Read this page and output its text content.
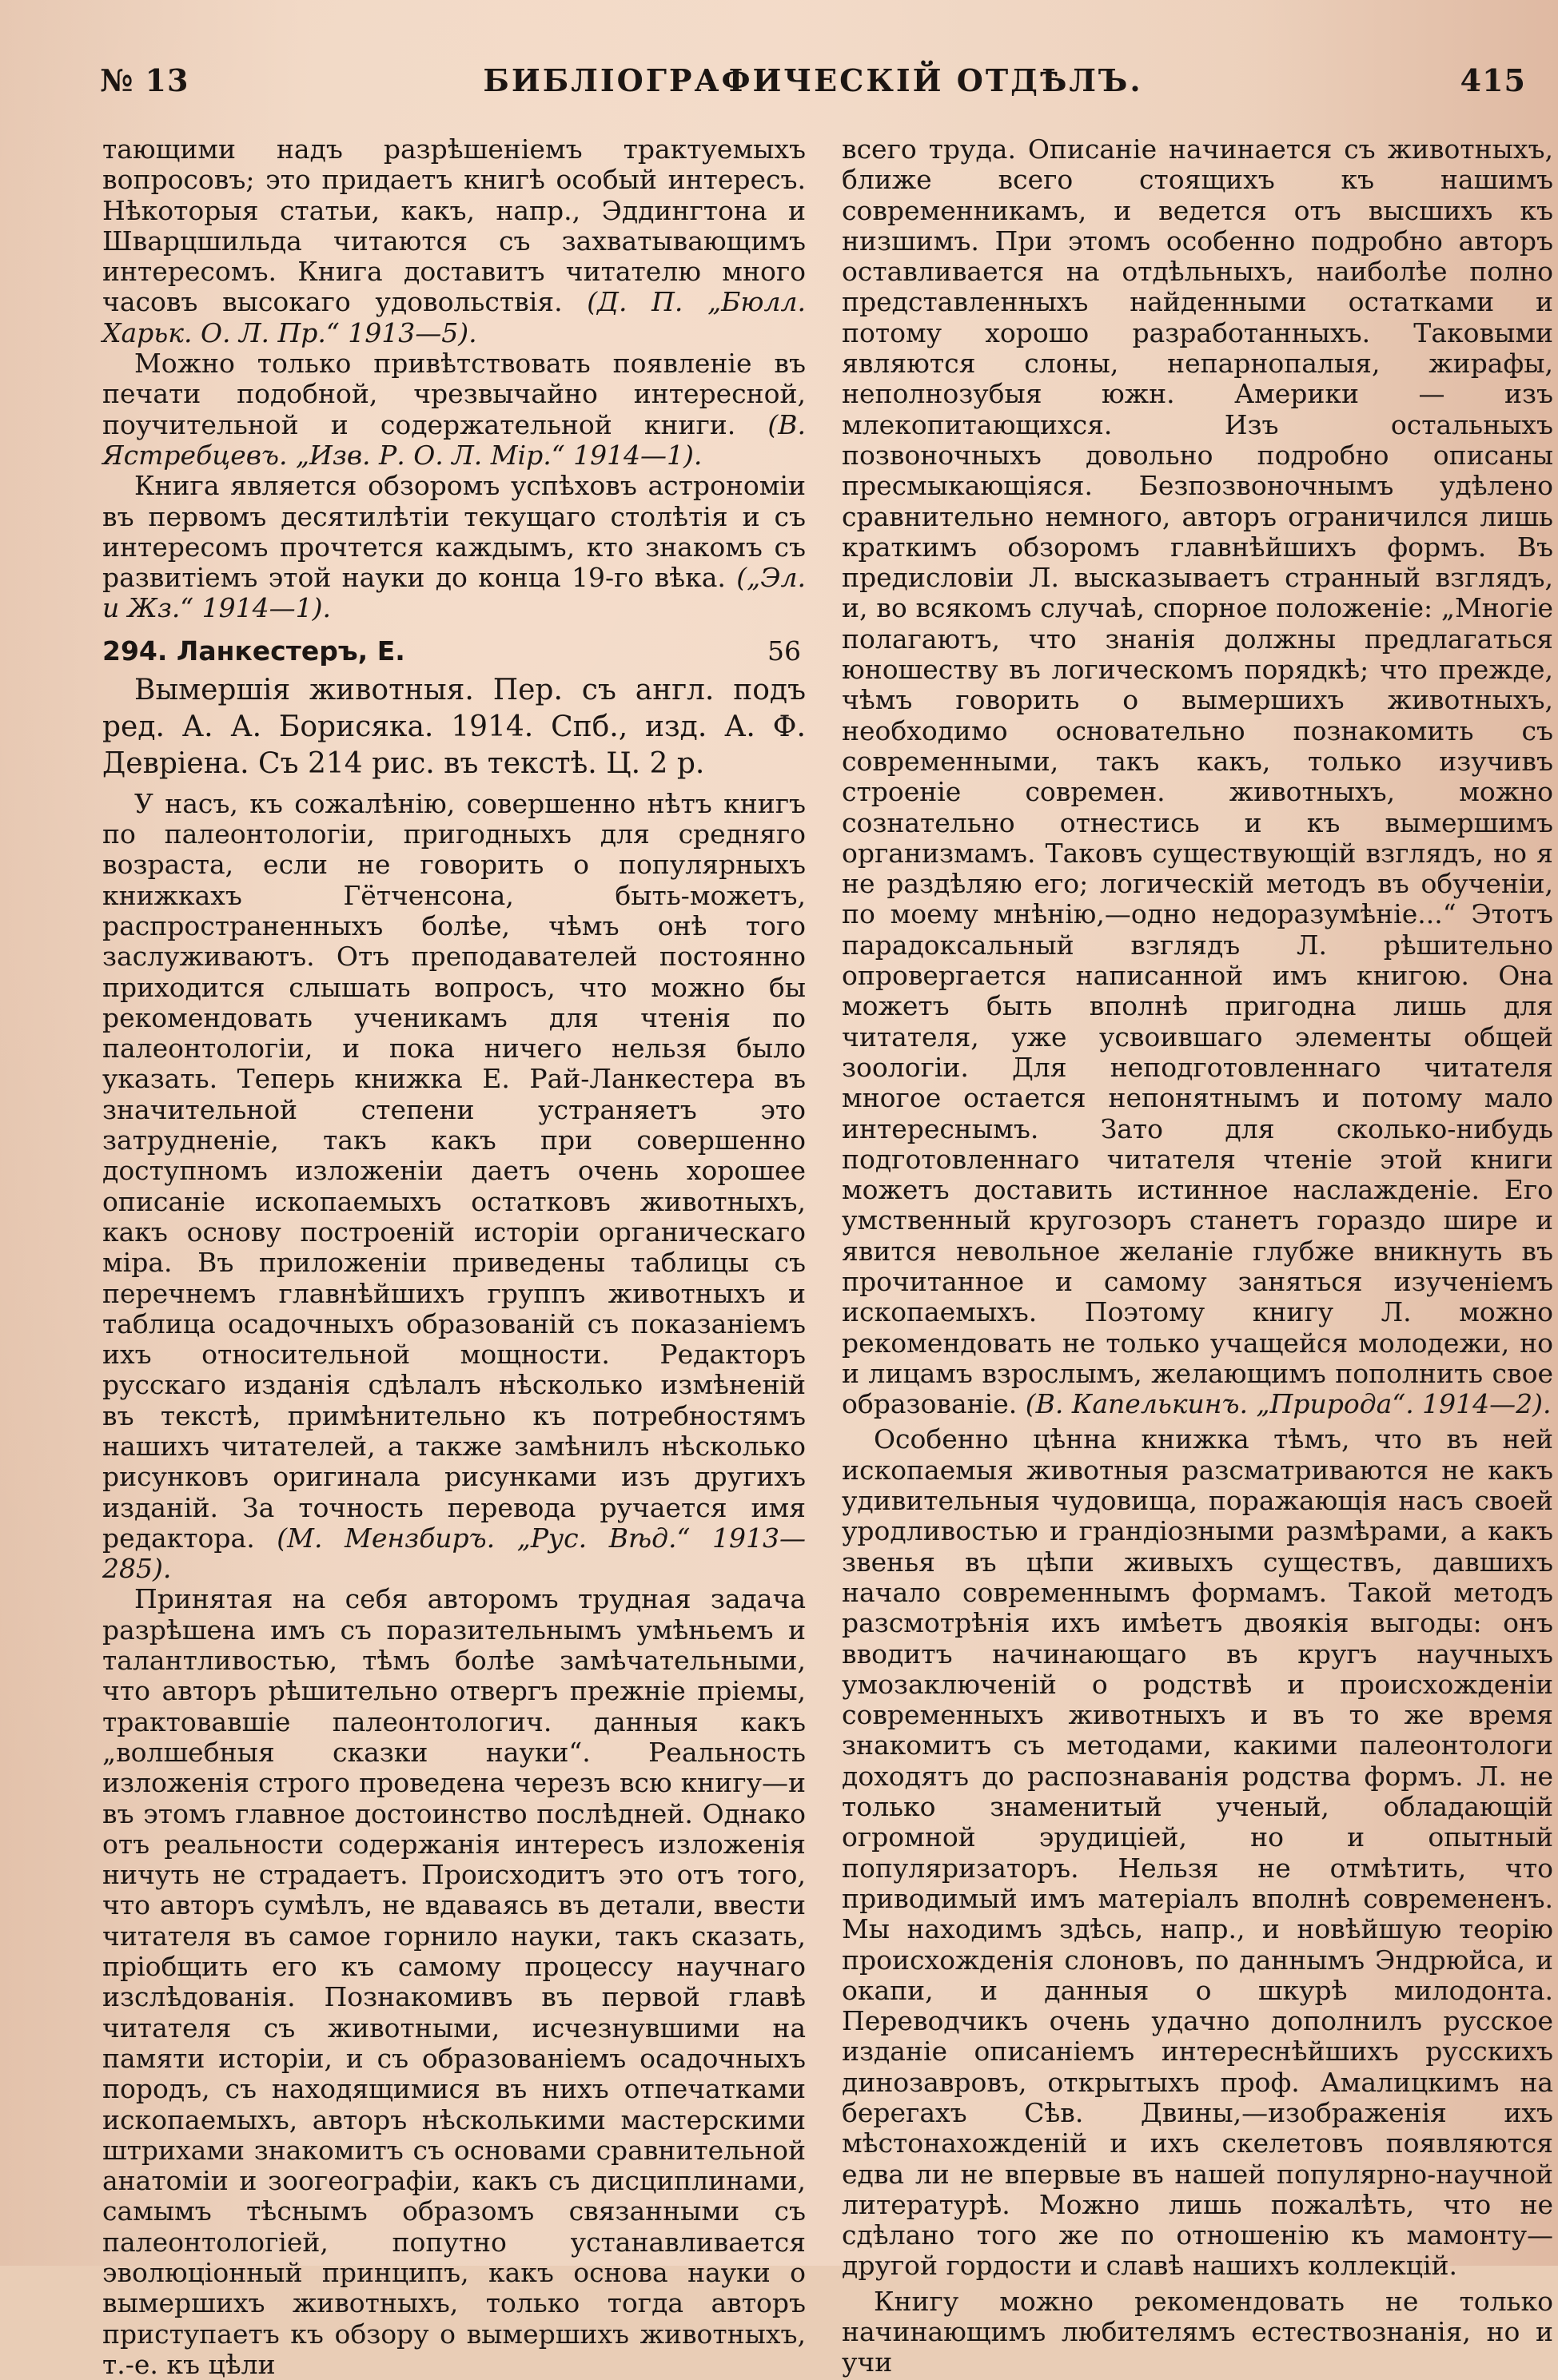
№ 13	БИБЛIОГРАФИЧЕСКIЙ ОТДѢЛЪ.	415

тающими надъ разрѣшенiемъ трактуемыхъ вопросовъ; это придаетъ книгѣ особый интересъ. Нѣкоторыя статьи, какъ, напр., Эддингтона и Шварцшильда читаются съ захватывающимъ интересомъ. Книга доставитъ читателю много часовъ высокаго удовольствiя. (Д. П. „Бюлл. Харьк. О. Л. Пр.“ 1913—5).

Можно только привѣтствовать появленiе въ печати подобной, чрезвычайно интересной, поучительной и содержательной книги. (В. Ястребцевъ. „Изв. Р. О. Л. Мiр.“ 1914—1).

Книга является обзоромъ успѣховъ астрономiи въ первомъ десятилѣтiи текущаго столѣтiя и съ интересомъ прочтется каждымъ, кто знакомъ съ развитiемъ этой науки до конца 19-го вѣка. („Эл. и Жз.“ 1914—1).

294. Ланкестеръ, Е.	56
Вымершiя животныя. Пер. съ англ. подъ ред. А. А. Борисяка. 1914. Спб., изд. А. Ф. Девріена. Съ 214 рис. въ текстѣ. Ц. 2 р.

У насъ, къ сожалѣнiю, совершенно нѣтъ книгъ по палеонтологiи, пригодныхъ для средняго возраста, если не говорить о популярныхъ книжкахъ Гётченсона, быть-можетъ, распространенныхъ болѣе, чѣмъ онѣ того заслуживаютъ. Отъ преподавателей постоянно приходится слышать вопросъ, что можно бы рекомендовать ученикамъ для чтенiя по палеонтологiи, и пока ничего нельзя было указать. Теперь книжка Е. Рай-Ланкестера въ значительной степени устраняетъ это затрудненiе, такъ какъ при совершенно доступномъ изложенiи даетъ очень хорошее описанiе ископаемыхъ остатковъ животныхъ, какъ основу построенiй исторiи органическаго мiра. Въ приложенiи приведены таблицы съ перечнемъ главнѣйшихъ группъ животныхъ и таблица осадочныхъ образованiй съ показанiемъ ихъ относительной мощности. Редакторъ русскаго изданiя сдѣлалъ нѣсколько измѣненiй въ текстѣ, примѣнительно къ потребностямъ нашихъ читателей, а также замѣнилъ нѣсколько рисунковъ оригинала рисунками изъ другихъ изданiй. За точность перевода ручается имя редактора. (М. Мензбиръ. „Рус. Вѣд.“ 1913—285).

Принятая на себя авторомъ трудная задача разрѣшена имъ съ поразительнымъ умѣньемъ и талантливостью, тѣмъ болѣе замѣчательными, что авторъ рѣшительно отвергъ прежнiе прiемы, трактовавшiе палеонтологич. данныя какъ „волшебныя сказки науки“. Реальность изложенiя строго проведена черезъ всю книгу—и въ этомъ главное достоинство послѣдней. Однако отъ реальности содержанiя интересъ изложенiя ничуть не страдаетъ. Происходитъ это отъ того, что авторъ сумѣлъ, не вдаваясь въ детали, ввести читателя въ самое горнило науки, такъ сказать, прiобщить его къ самому процессу научнаго изслѣдованiя. Познакомивъ въ первой главѣ читателя съ животными, исчезнувшими на памяти исторiи, и съ образованiемъ осадочныхъ породъ, съ находящимися въ нихъ отпечатками ископаемыхъ, авторъ нѣсколькими мастерскими штрихами знакомитъ съ основами сравнительной анатомiи и зоогеографiи, какъ съ дисциплинами, самымъ тѣснымъ образомъ связанными съ палеонтологiей, попутно устанавливается эволюцiонный принципъ, какъ основа науки о вымершихъ животныхъ, только тогда авторъ приступаетъ къ обзору о вымершихъ животныхъ, т.-е. къ цѣли

всего труда. Описанiе начинается съ животныхъ, ближе всего стоящихъ къ нашимъ современникамъ, и ведется отъ высшихъ къ низшимъ. При этомъ особенно подробно авторъ оставливается на отдѣльныхъ, наиболѣе полно представленныхъ найденными остатками и потому хорошо разработанныхъ. Таковыми являются слоны, непарнопалыя, жирафы, неполнозубыя южн. Америки — изъ млекопитающихся. Изъ остальныхъ позвоночныхъ довольно подробно описаны пресмыкающiяся. Безпозвоночнымъ удѣлено сравнительно немного, авторъ ограничился лишь краткимъ обзоромъ главнѣйшихъ формъ. Въ предисловiи Л. высказываетъ странный взглядъ, и, во всякомъ случаѣ, спорное положенiе: „Многiе полагаютъ, что знанiя должны предлагаться юношеству въ логическомъ порядкѣ; что прежде, чѣмъ говорить о вымершихъ животныхъ, необходимо основательно познакомить съ современными, такъ какъ, только изучивъ строенiе современ. животныхъ, можно сознательно отнестись и къ вымершимъ организмамъ. Таковъ существующiй взглядъ, но я не раздѣляю его; логическiй методъ въ обученiи, по моему мнѣнiю,—одно недоразумѣнiе...“ Этотъ парадоксальный взглядъ Л. рѣшительно опровергается написанной имъ книгою. Она можетъ быть вполнѣ пригодна лишь для читателя, уже усвоившаго элементы общей зоологiи. Для неподготовленнаго читателя многое остается непонятнымъ и потому мало интереснымъ. Зато для сколько-нибудь подготовленнаго читателя чтенiе этой книги можетъ доставить истинное наслажденiе. Его умственный кругозоръ станетъ гораздо шире и явится невольное желанiе глубже вникнуть въ прочитанное и самому заняться изученiемъ ископаемыхъ. Поэтому книгу Л. можно рекомендовать не только учащейся молодежи, но и лицамъ взрослымъ, желающимъ пополнить свое образованiе. (В. Капелькинъ. „Природа“. 1914—2).

Особенно цѣнна книжка тѣмъ, что въ ней ископаемыя животныя разсматриваются не какъ удивительныя чудовища, поражающiя насъ своей уродливостью и грандiозными размѣрами, а какъ звенья въ цѣпи живыхъ существъ, давшихъ начало современнымъ формамъ. Такой методъ разсмотрѣнiя ихъ имѣетъ двоякiя выгоды: онъ вводитъ начинающаго въ кругъ научныхъ умозаключенiй о родствѣ и происхожденiи современныхъ животныхъ и въ то же время знакомитъ съ методами, какими палеонтологи доходятъ до распознаванiя родства формъ. Л. не только знаменитый ученый, обладающiй огромной эрудицiей, но и опытный популяризаторъ. Нельзя не отмѣтить, что приводимый имъ матерiалъ вполнѣ современенъ. Мы находимъ здѣсь, напр., и новѣйшую теорiю происхожденiя слоновъ, по даннымъ Эндрюйса, и окапи, и данныя о шкурѣ милодонта. Переводчикъ очень удачно дополнилъ русское изданiе описанiемъ интереснѣйшихъ русскихъ динозавровъ, открытыхъ проф. Амалицкимъ на берегахъ Сѣв. Двины,—изображенiя ихъ мѣстонахожденiй и ихъ скелетовъ появляются едва ли не впервые въ нашей популярно-научной литературѣ. Можно лишь пожалѣть, что не сдѣлано того же по отношенiю къ мамонту—другой гордости и славѣ нашихъ коллекцiй.

Книгу можно рекомендовать не только начинающимъ любителямъ естествознанiя, но и учи
